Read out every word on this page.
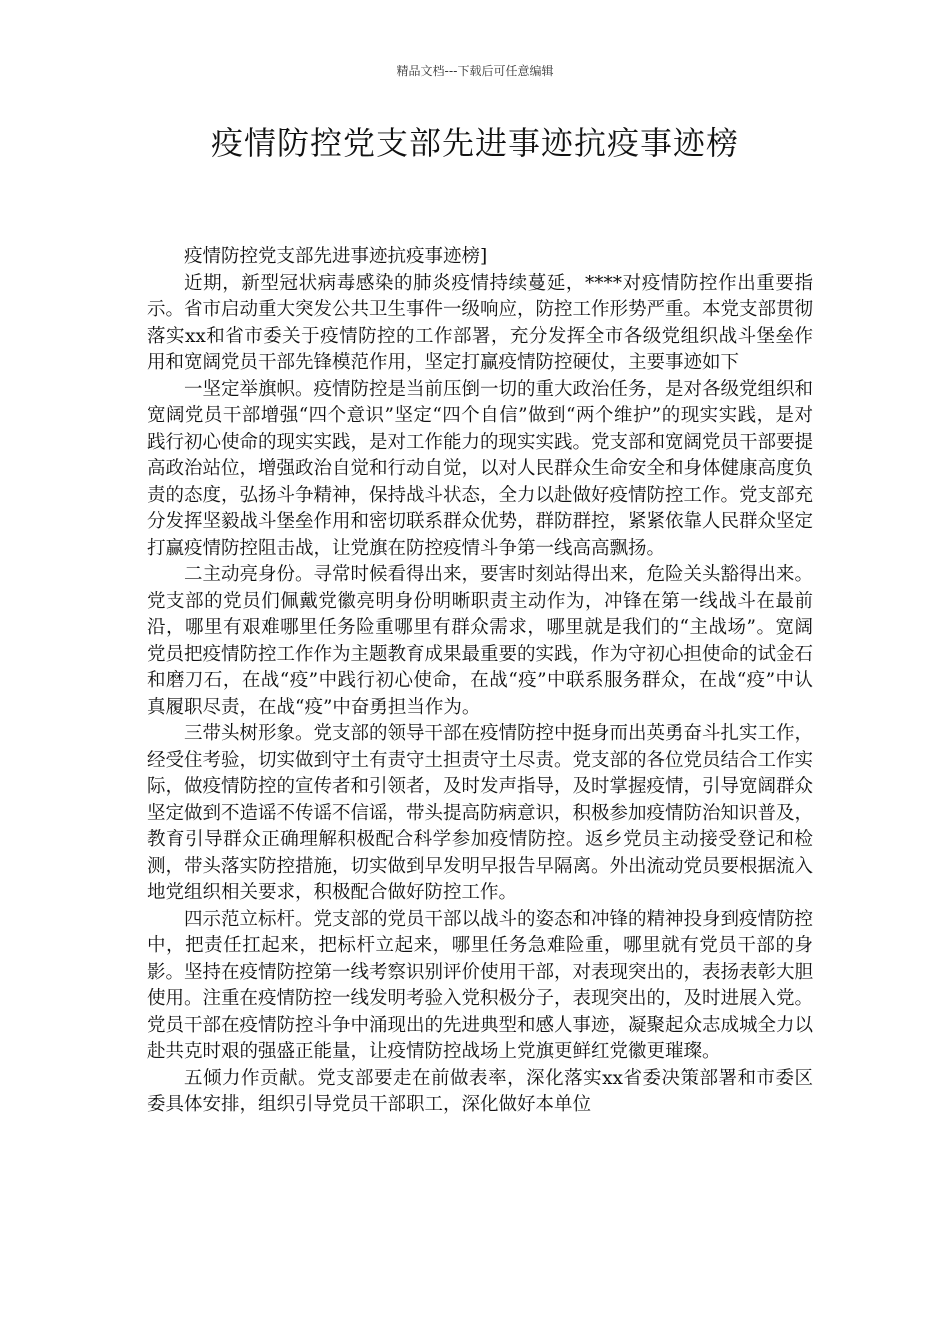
精品文档---下载后可任意编辑
疫情防控党支部先进事迹抗疫事迹榜

疫情防控党支部先进事迹抗疫事迹榜]

近期，新型冠状病毒感染的肺炎疫情持续蔓延，****对疫情防控作出重要指示。省市启动重大突发公共卫生事件一级响应，防控工作形势严重。本党支部贯彻落实xx和省市委关于疫情防控的工作部署，充分发挥全市各级党组织战斗堡垒作用和宽阔党员干部先锋模范作用，坚定打赢疫情防控硬仗，主要事迹如下

一坚定举旗帜。疫情防控是当前压倒一切的重大政治任务，是对各级党组织和宽阔党员干部增强“四个意识”坚定“四个自信”做到“两个维护”的现实实践，是对践行初心使命的现实实践，是对工作能力的现实实践。党支部和宽阔党员干部要提高政治站位，增强政治自觉和行动自觉，以对人民群众生命安全和身体健康高度负责的态度，弘扬斗争精神，保持战斗状态，全力以赴做好疫情防控工作。党支部充分发挥坚毅战斗堡垒作用和密切联系群众优势，群防群控，紧紧依靠人民群众坚定打赢疫情防控阻击战，让党旗在防控疫情斗争第一线高高飘扬。

二主动亮身份。寻常时候看得出来，要害时刻站得出来，危险关头豁得出来。党支部的党员们佩戴党徽亮明身份明晰职责主动作为，冲锋在第一线战斗在最前沿，哪里有艰难哪里任务险重哪里有群众需求，哪里就是我们的“主战场”。宽阔党员把疫情防控工作作为主题教育成果最重要的实践，作为守初心担使命的试金石和磨刀石，在战“疫”中践行初心使命，在战“疫”中联系服务群众，在战“疫”中认真履职尽责，在战“疫”中奋勇担当作为。

三带头树形象。党支部的领导干部在疫情防控中挺身而出英勇奋斗扎实工作，经受住考验，切实做到守土有责守土担责守土尽责。党支部的各位党员结合工作实际，做疫情防控的宣传者和引领者，及时发声指导，及时掌握疫情，引导宽阔群众坚定做到不造谣不传谣不信谣，带头提高防病意识，积极参加疫情防治知识普及，教育引导群众正确理解积极配合科学参加疫情防控。返乡党员主动接受登记和检测，带头落实防控措施，切实做到早发明早报告早隔离。外出流动党员要根据流入地党组织相关要求，积极配合做好防控工作。

四示范立标杆。党支部的党员干部以战斗的姿态和冲锋的精神投身到疫情防控中，把责任扛起来，把标杆立起来，哪里任务急难险重，哪里就有党员干部的身影。坚持在疫情防控第一线考察识别评价使用干部，对表现突出的，表扬表彰大胆使用。注重在疫情防控一线发明考验入党积极分子，表现突出的，及时进展入党。党员干部在疫情防控斗争中涌现出的先进典型和感人事迹，凝聚起众志成城全力以赴共克时艰的强盛正能量，让疫情防控战场上党旗更鲜红党徽更璀璨。

五倾力作贡献。党支部要走在前做表率，深化落实xx省委决策部署和市委区委具体安排，组织引导党员干部职工，深化做好本单位
